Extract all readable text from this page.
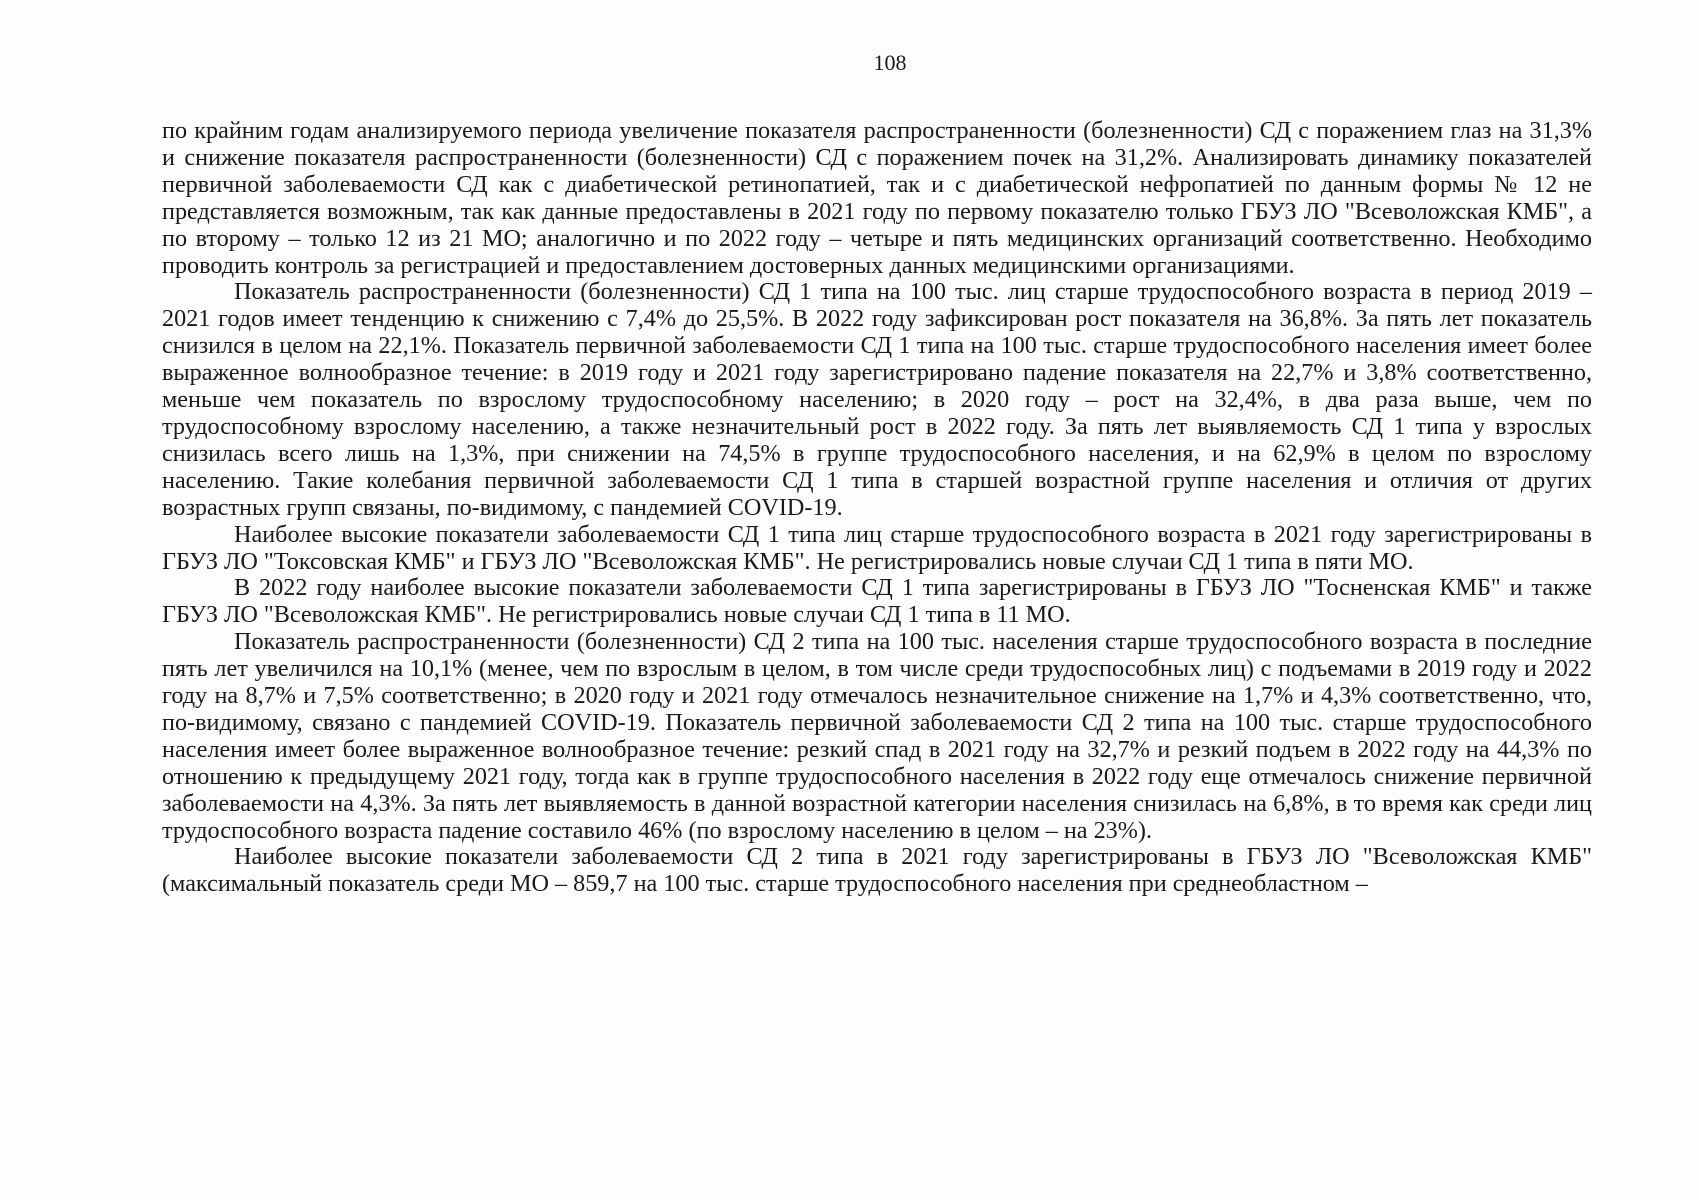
108

по крайним годам анализируемого периода увеличение показателя распространенности (болезненности) СД с поражением глаз на 31,3% и снижение показателя распространенности (болезненности) СД с поражением почек на 31,2%. Анализировать динамику показателей первичной заболеваемости СД как с диабетической ретинопатией, так и с диабетической нефропатией по данным формы № 12 не представляется возможным, так как данные предоставлены в 2021 году по первому показателю только ГБУЗ ЛО "Всеволожская КМБ", а по второму – только 12 из 21 МО; аналогично и по 2022 году – четыре и пять медицинских организаций соответственно. Необходимо проводить контроль за регистрацией и предоставлением достоверных данных медицинскими организациями.

Показатель распространенности (болезненности) СД 1 типа на 100 тыс. лиц старше трудоспособного возраста в период 2019 – 2021 годов имеет тенденцию к снижению с 7,4% до 25,5%. В 2022 году зафиксирован рост показателя на 36,8%. За пять лет показатель снизился в целом на 22,1%. Показатель первичной заболеваемости СД 1 типа на 100 тыс. старше трудоспособного населения имеет более выраженное волнообразное течение: в 2019 году и 2021 году зарегистрировано падение показателя на 22,7% и 3,8% соответственно, меньше чем показатель по взрослому трудоспособному населению; в 2020 году – рост на 32,4%, в два раза выше, чем по трудоспособному взрослому населению, а также незначительный рост в 2022 году. За пять лет выявляемость СД 1 типа у взрослых снизилась всего лишь на 1,3%, при снижении на 74,5% в группе трудоспособного населения, и на 62,9% в целом по взрослому населению. Такие колебания первичной заболеваемости СД 1 типа в старшей возрастной группе населения и отличия от других возрастных групп связаны, по-видимому, с пандемией COVID-19.

Наиболее высокие показатели заболеваемости СД 1 типа лиц старше трудоспособного возраста в 2021 году зарегистрированы в ГБУЗ ЛО "Токсовская КМБ" и ГБУЗ ЛО "Всеволожская КМБ". Не регистрировались новые случаи СД 1 типа в пяти МО.

В 2022 году наиболее высокие показатели заболеваемости СД 1 типа зарегистрированы в ГБУЗ ЛО "Тосненская КМБ" и также ГБУЗ ЛО "Всеволожская КМБ". Не регистрировались новые случаи СД 1 типа в 11 МО.

Показатель распространенности (болезненности) СД 2 типа на 100 тыс. населения старше трудоспособного возраста в последние пять лет увеличился на 10,1% (менее, чем по взрослым в целом, в том числе среди трудоспособных лиц) с подъемами в 2019 году и 2022 году на 8,7% и 7,5% соответственно; в 2020 году и 2021 году отмечалось незначительное снижение на 1,7% и 4,3% соответственно, что, по-видимому, связано с пандемией COVID-19. Показатель первичной заболеваемости СД 2 типа на 100 тыс. старше трудоспособного населения имеет более выраженное волнообразное течение: резкий спад в 2021 году на 32,7% и резкий подъем в 2022 году на 44,3% по отношению к предыдущему 2021 году, тогда как в группе трудоспособного населения в 2022 году еще отмечалось снижение первичной заболеваемости на 4,3%. За пять лет выявляемость в данной возрастной категории населения снизилась на 6,8%, в то время как среди лиц трудоспособного возраста падение составило 46% (по взрослому населению в целом – на 23%).

Наиболее высокие показатели заболеваемости СД 2 типа в 2021 году зарегистрированы в ГБУЗ ЛО "Всеволожская КМБ" (максимальный показатель среди МО – 859,7 на 100 тыс. старше трудоспособного населения при среднеобластном –
